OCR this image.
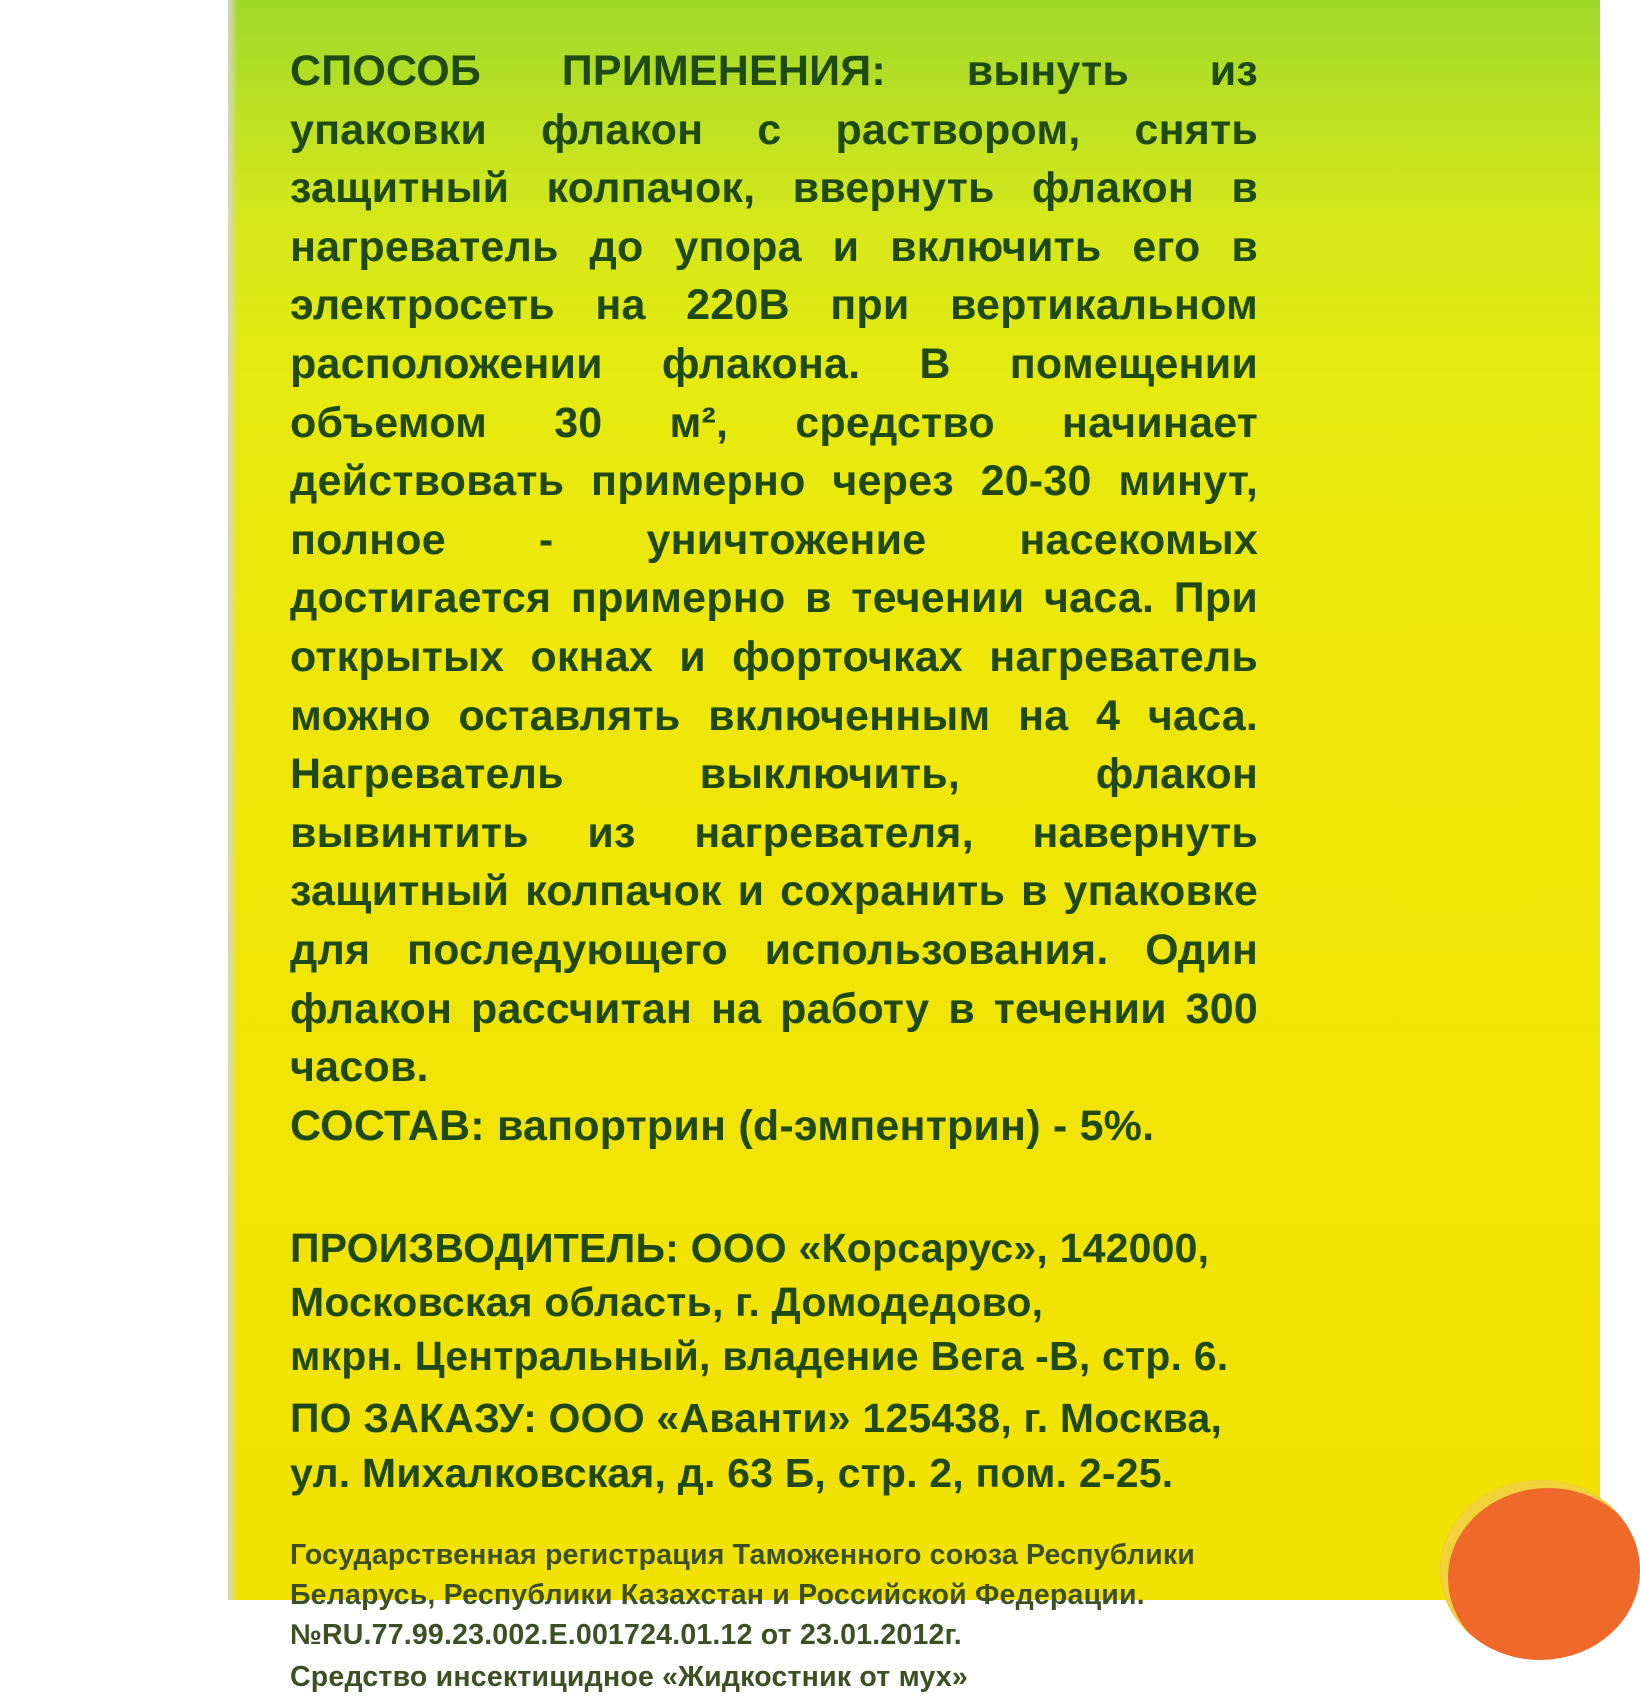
СПОСОБ ПРИМЕНЕНИЯ: вынуть из упаковки флакон с раствором, снять защитный колпачок, ввернуть флакон в нагреватель до упора и включить его в электросеть на 220В при вертикальном расположении флакона. В помещении объемом 30 м², средство начинает действовать примерно через 20-30 минут, полное - уничтожение насекомых достигается примерно в течении часа. При открытых окнах и форточках нагреватель можно оставлять включенным на 4 часа. Нагреватель выключить, флакон вывинтить из нагревателя, навернуть защитный колпачок и сохранить в упаковке для последующего использования. Один флакон рассчитан на работу в течении 300 часов.

СОСТАВ: вапортрин (d-эмпентрин) - 5%.

ПРОИЗВОДИТЕЛЬ: ООО «Корсарус», 142000,
Московская область, г. Домодедово,
мкрн. Центральный, владение Вега -В, стр. 6.
ПО ЗАКАЗУ: ООО «Аванти» 125438, г. Москва,
ул. Михалковская, д. 63 Б, стр. 2, пом. 2-25.
Государственная регистрация Таможенного союза Республики
Беларусь, Республики Казахстан и Российской Федерации.
№RU.77.99.23.002.E.001724.01.12 от 23.01.2012г.
Средство инсектицидное «Жидкостник от мух»
